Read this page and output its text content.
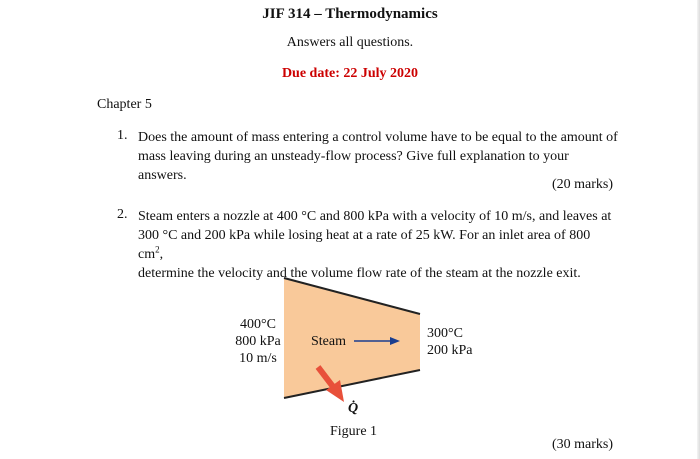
JIF 314 – Thermodynamics
Answers all questions.
Due date: 22 July 2020
Chapter 5
1. Does the amount of mass entering a control volume have to be equal to the amount of
mass leaving during an unsteady-flow process? Give full explanation to your answers.
(20 marks)
2. Steam enters a nozzle at 400 °C and 800 kPa with a velocity of 10 m/s, and leaves at
300 °C and 200 kPa while losing heat at a rate of 25 kW. For an inlet area of 800 $cm^2$,
determine the velocity and the volume flow rate of the steam at the nozzle exit.
400°C
800 kPa
10 m/s
Steam
300°C
200 kPa
Q̇
Figure 1
(30 marks)
